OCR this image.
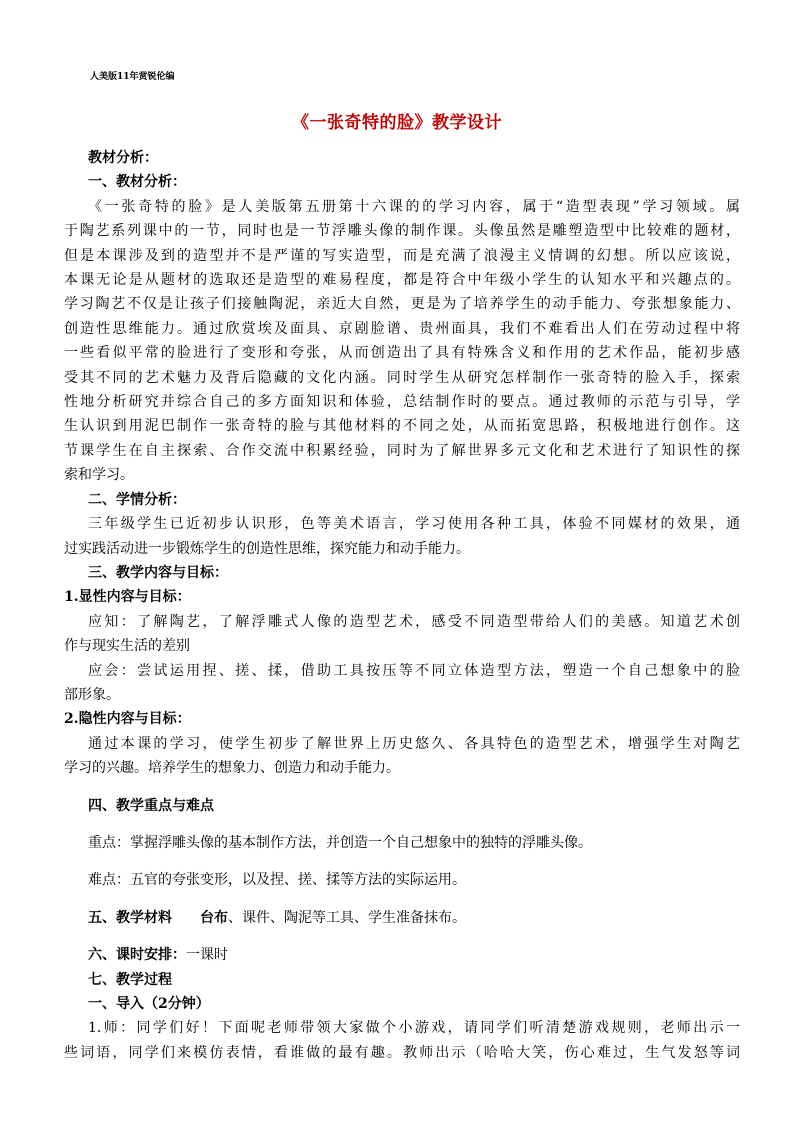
人美版11年赏锐伦编
《一张奇特的脸》教学设计
教材分析：
一、教材分析：
《一张奇特的脸》是人美版第五册第十六课的的学习内容，属于“造型表现”学习领域。属
于陶艺系列课中的一节，同时也是一节浮雕头像的制作课。头像虽然是雕塑造型中比较难的题材，
但是本课涉及到的造型并不是严谨的写实造型，而是充满了浪漫主义情调的幻想。所以应该说，
本课无论是从题材的选取还是造型的难易程度，都是符合中年级小学生的认知水平和兴趣点的。
学习陶艺不仅是让孩子们接触陶泥，亲近大自然，更是为了培养学生的动手能力、夸张想象能力、
创造性思维能力。通过欣赏埃及面具、京剧脸谱、贵州面具，我们不难看出人们在劳动过程中将
一些看似平常的脸进行了变形和夸张，从而创造出了具有特殊含义和作用的艺术作品，能初步感
受其不同的艺术魅力及背后隐藏的文化内涵。同时学生从研究怎样制作一张奇特的脸入手，探索
性地分析研究并综合自己的多方面知识和体验，总结制作时的要点。通过教师的示范与引导，学
生认识到用泥巴制作一张奇特的脸与其他材料的不同之处，从而拓宽思路，积极地进行创作。这
节课学生在自主探索、合作交流中积累经验，同时为了解世界多元文化和艺术进行了知识性的探
索和学习。
二、学情分析：
三年级学生已近初步认识形，色等美术语言，学习使用各种工具，体验不同媒材的效果，通
过实践活动进一步锻炼学生的创造性思维，探究能力和动手能力。
三、教学内容与目标：
1.显性内容与目标：
应知：了解陶艺，了解浮雕式人像的造型艺术，感受不同造型带给人们的美感。知道艺术创
作与现实生活的差别
应会：尝试运用捏、搓、揉，借助工具按压等不同立体造型方法，塑造一个自己想象中的脸
部形象。
2.隐性内容与目标：
通过本课的学习，使学生初步了解世界上历史悠久、各具特色的造型艺术，增强学生对陶艺
学习的兴趣。培养学生的想象力、创造力和动手能力。
四、教学重点与难点
重点：掌握浮雕头像的基本制作方法，并创造一个自己想象中的独特的浮雕头像。
难点：五官的夸张变形，以及捏、搓、揉等方法的实际运用。
五、教学材料 台布、课件、陶泥等工具、学生准备抹布。
六、课时安排：一课时
七、教学过程
一、导入（2分钟）
1.师：同学们好！下面呢老师带领大家做个小游戏，请同学们听清楚游戏规则，老师出示一
些词语，同学们来模仿表情，看谁做的最有趣。教师出示（哈哈大笑，伤心难过，生气发怒等词
